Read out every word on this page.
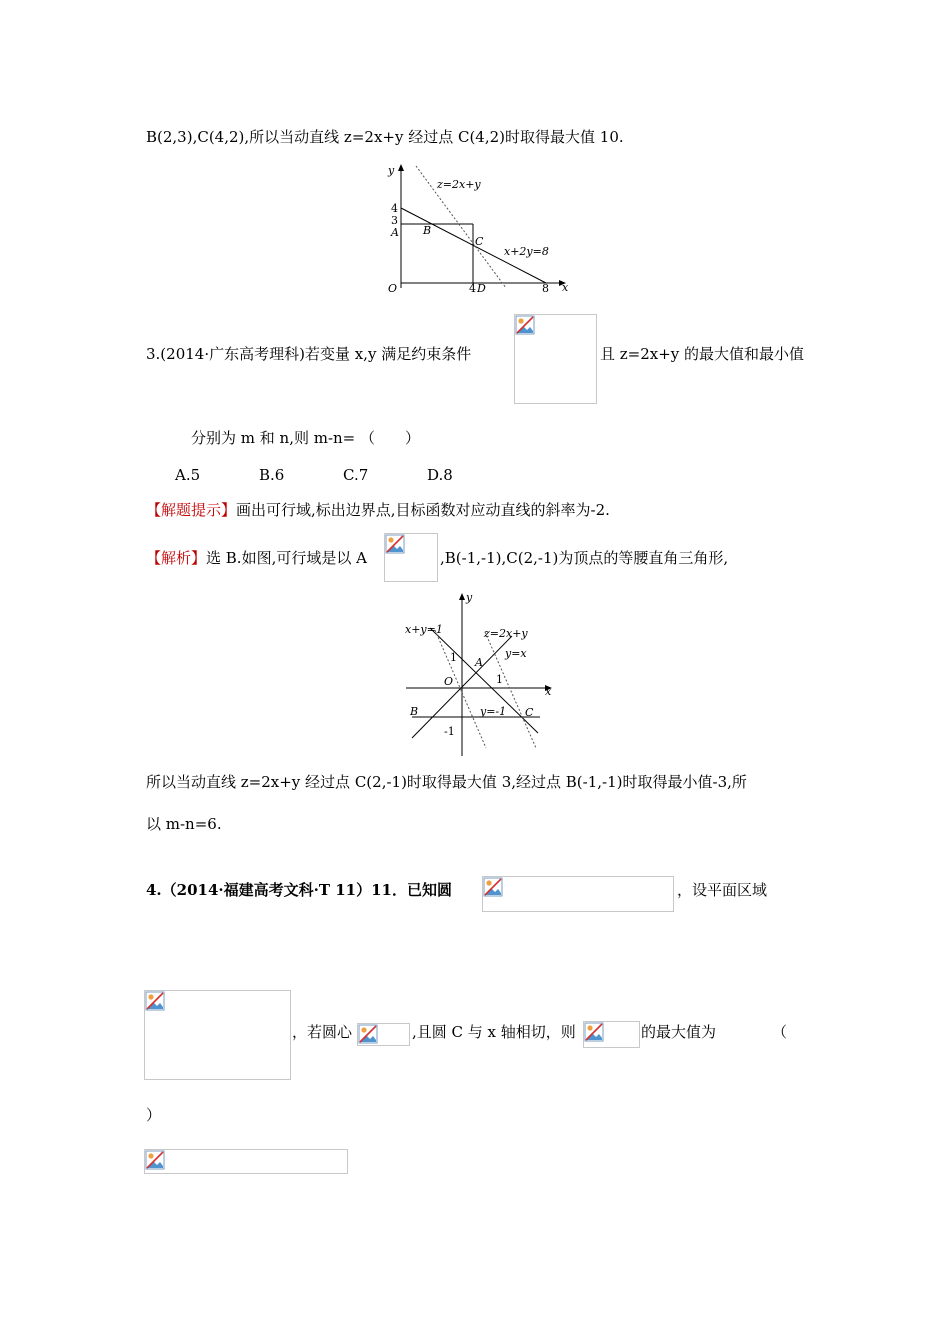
B(2,3),C(4,2),所以当动直线 z=2x+y 经过点 C(4,2)时取得最大值 10.
y
z=2x+y
4
3
A B
C
x+2y=8
O	4 D	8 x
3.(2014·广东高考理科)若变量 x,y 满足约束条件	且 z=2x+y 的最大值和最小值
分别为 m 和 n,则 m-n= （　　）
A.5	B.6	C.7	D.8
【解题提示】画出可行域,标出边界点,目标函数对应动直线的斜率为-2.
【解析】选 B.如图,可行域是以 A	,B(-1,-1),C(2,-1)为顶点的等腰直角三角形,
y
x+y=1	z=2x+y
y=x
1 A
O	1
x
B	y=-1 C
-1
所以当动直线 z=2x+y 经过点 C(2,-1)时取得最大值 3,经过点 B(-1,-1)时取得最小值-3,所
以 m-n=6.
4.（2014·福建高考文科·T 11）11．已知圆	，设平面区域
，若圆心	,且圆 C 与 x 轴相切，则	的最大值为	（
）
